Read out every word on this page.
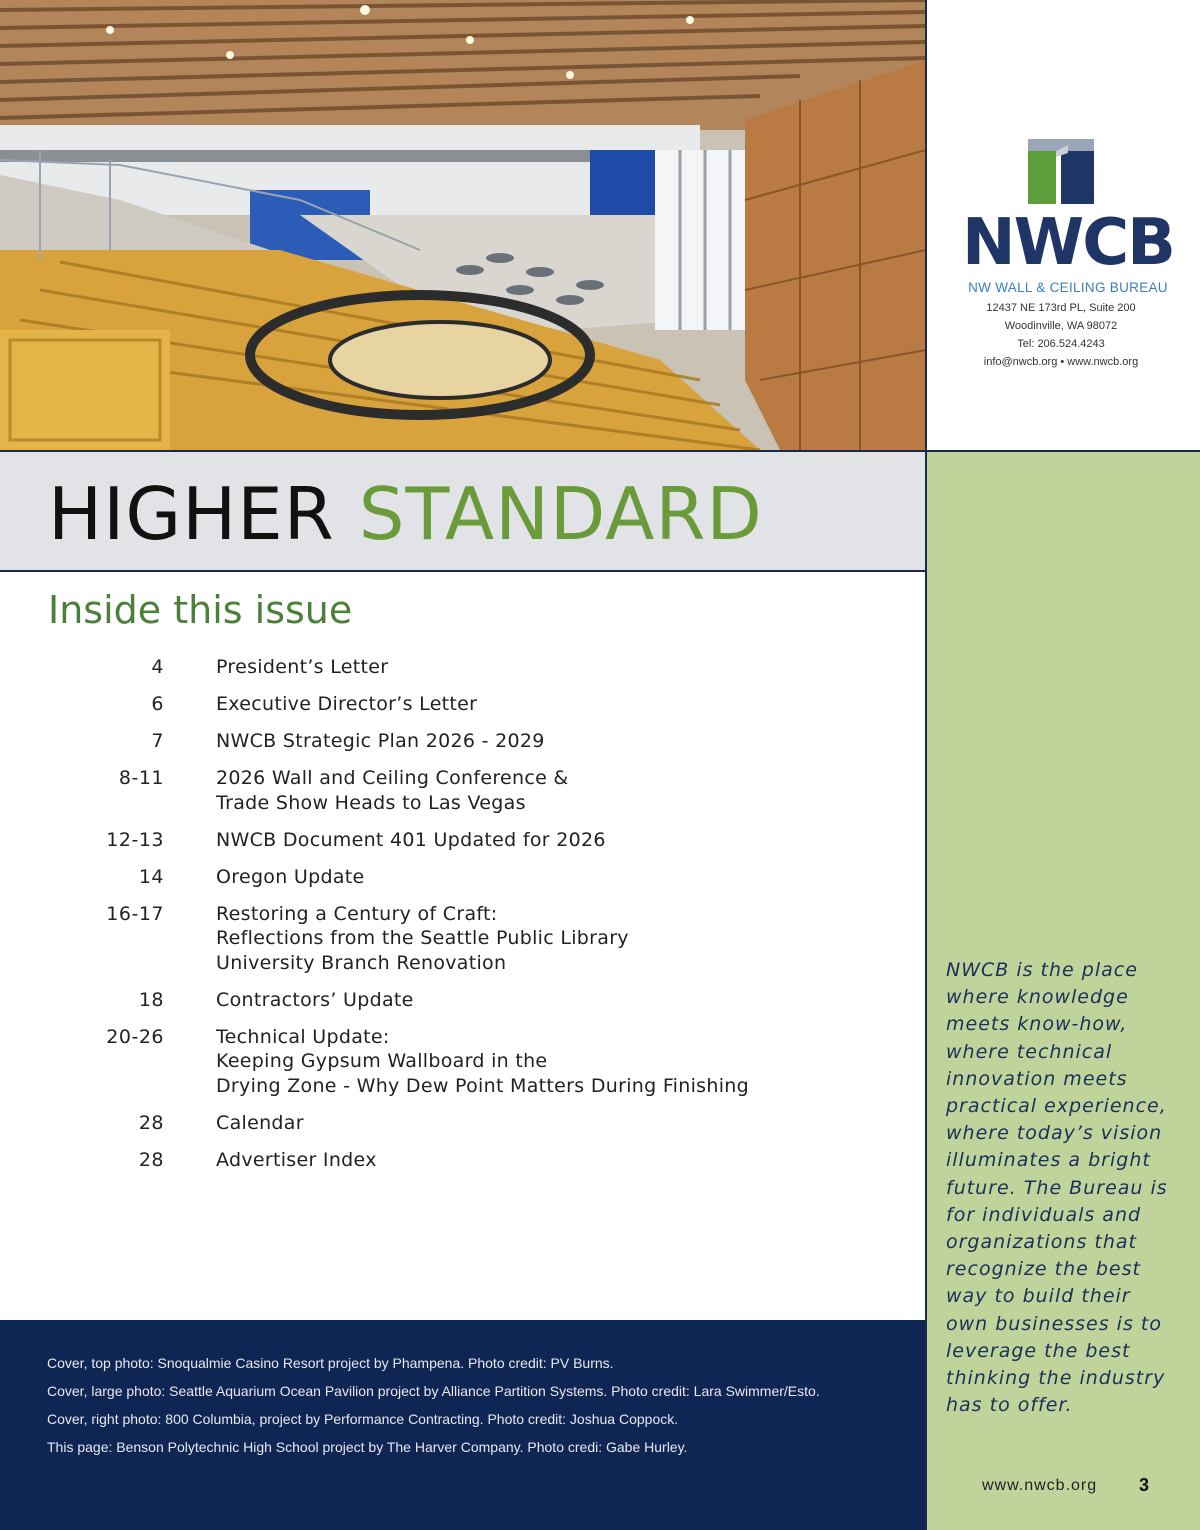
NWCB
NW WALL & CEILING BUREAU
12437 NE 173rd PL, Suite 200
Woodinville, WA 98072
Tel: 206.524.4243
info@nwcb.org • www.nwcb.org
HIGHER STANDARD
NWCB is the place
where knowledge
meets know-how,
where technical
innovation meets
practical experience,
where today’s vision
illuminates a bright
future. The Bureau is
for individuals and
organizations that
recognize the best
way to build their
own businesses is to
leverage the best
thinking the industry
has to offer.
www.nwcb.org 3
Inside this issue
4	President’s Letter
6	Executive Director’s Letter
7	NWCB Strategic Plan 2026 - 2029
8-11	2026 Wall and Ceiling Conference &
Trade Show Heads to Las Vegas
12-13	NWCB Document 401 Updated for 2026
14	Oregon Update
16-17	Restoring a Century of Craft:
Reflections from the Seattle Public Library
University Branch Renovation
18	Contractors’ Update
20-26	Technical Update:
Keeping Gypsum Wallboard in the
Drying Zone - Why Dew Point Matters During Finishing
28	Calendar
28	Advertiser Index
Cover, top photo: Snoqualmie Casino Resort project by Phampena. Photo credit: PV Burns.
Cover, large photo: Seattle Aquarium Ocean Pavilion project by Alliance Partition Systems. Photo credit: Lara Swimmer/Esto.
Cover, right photo: 800 Columbia, project by Performance Contracting. Photo credit: Joshua Coppock.
This page: Benson Polytechnic High School project by The Harver Company. Photo credi: Gabe Hurley.
